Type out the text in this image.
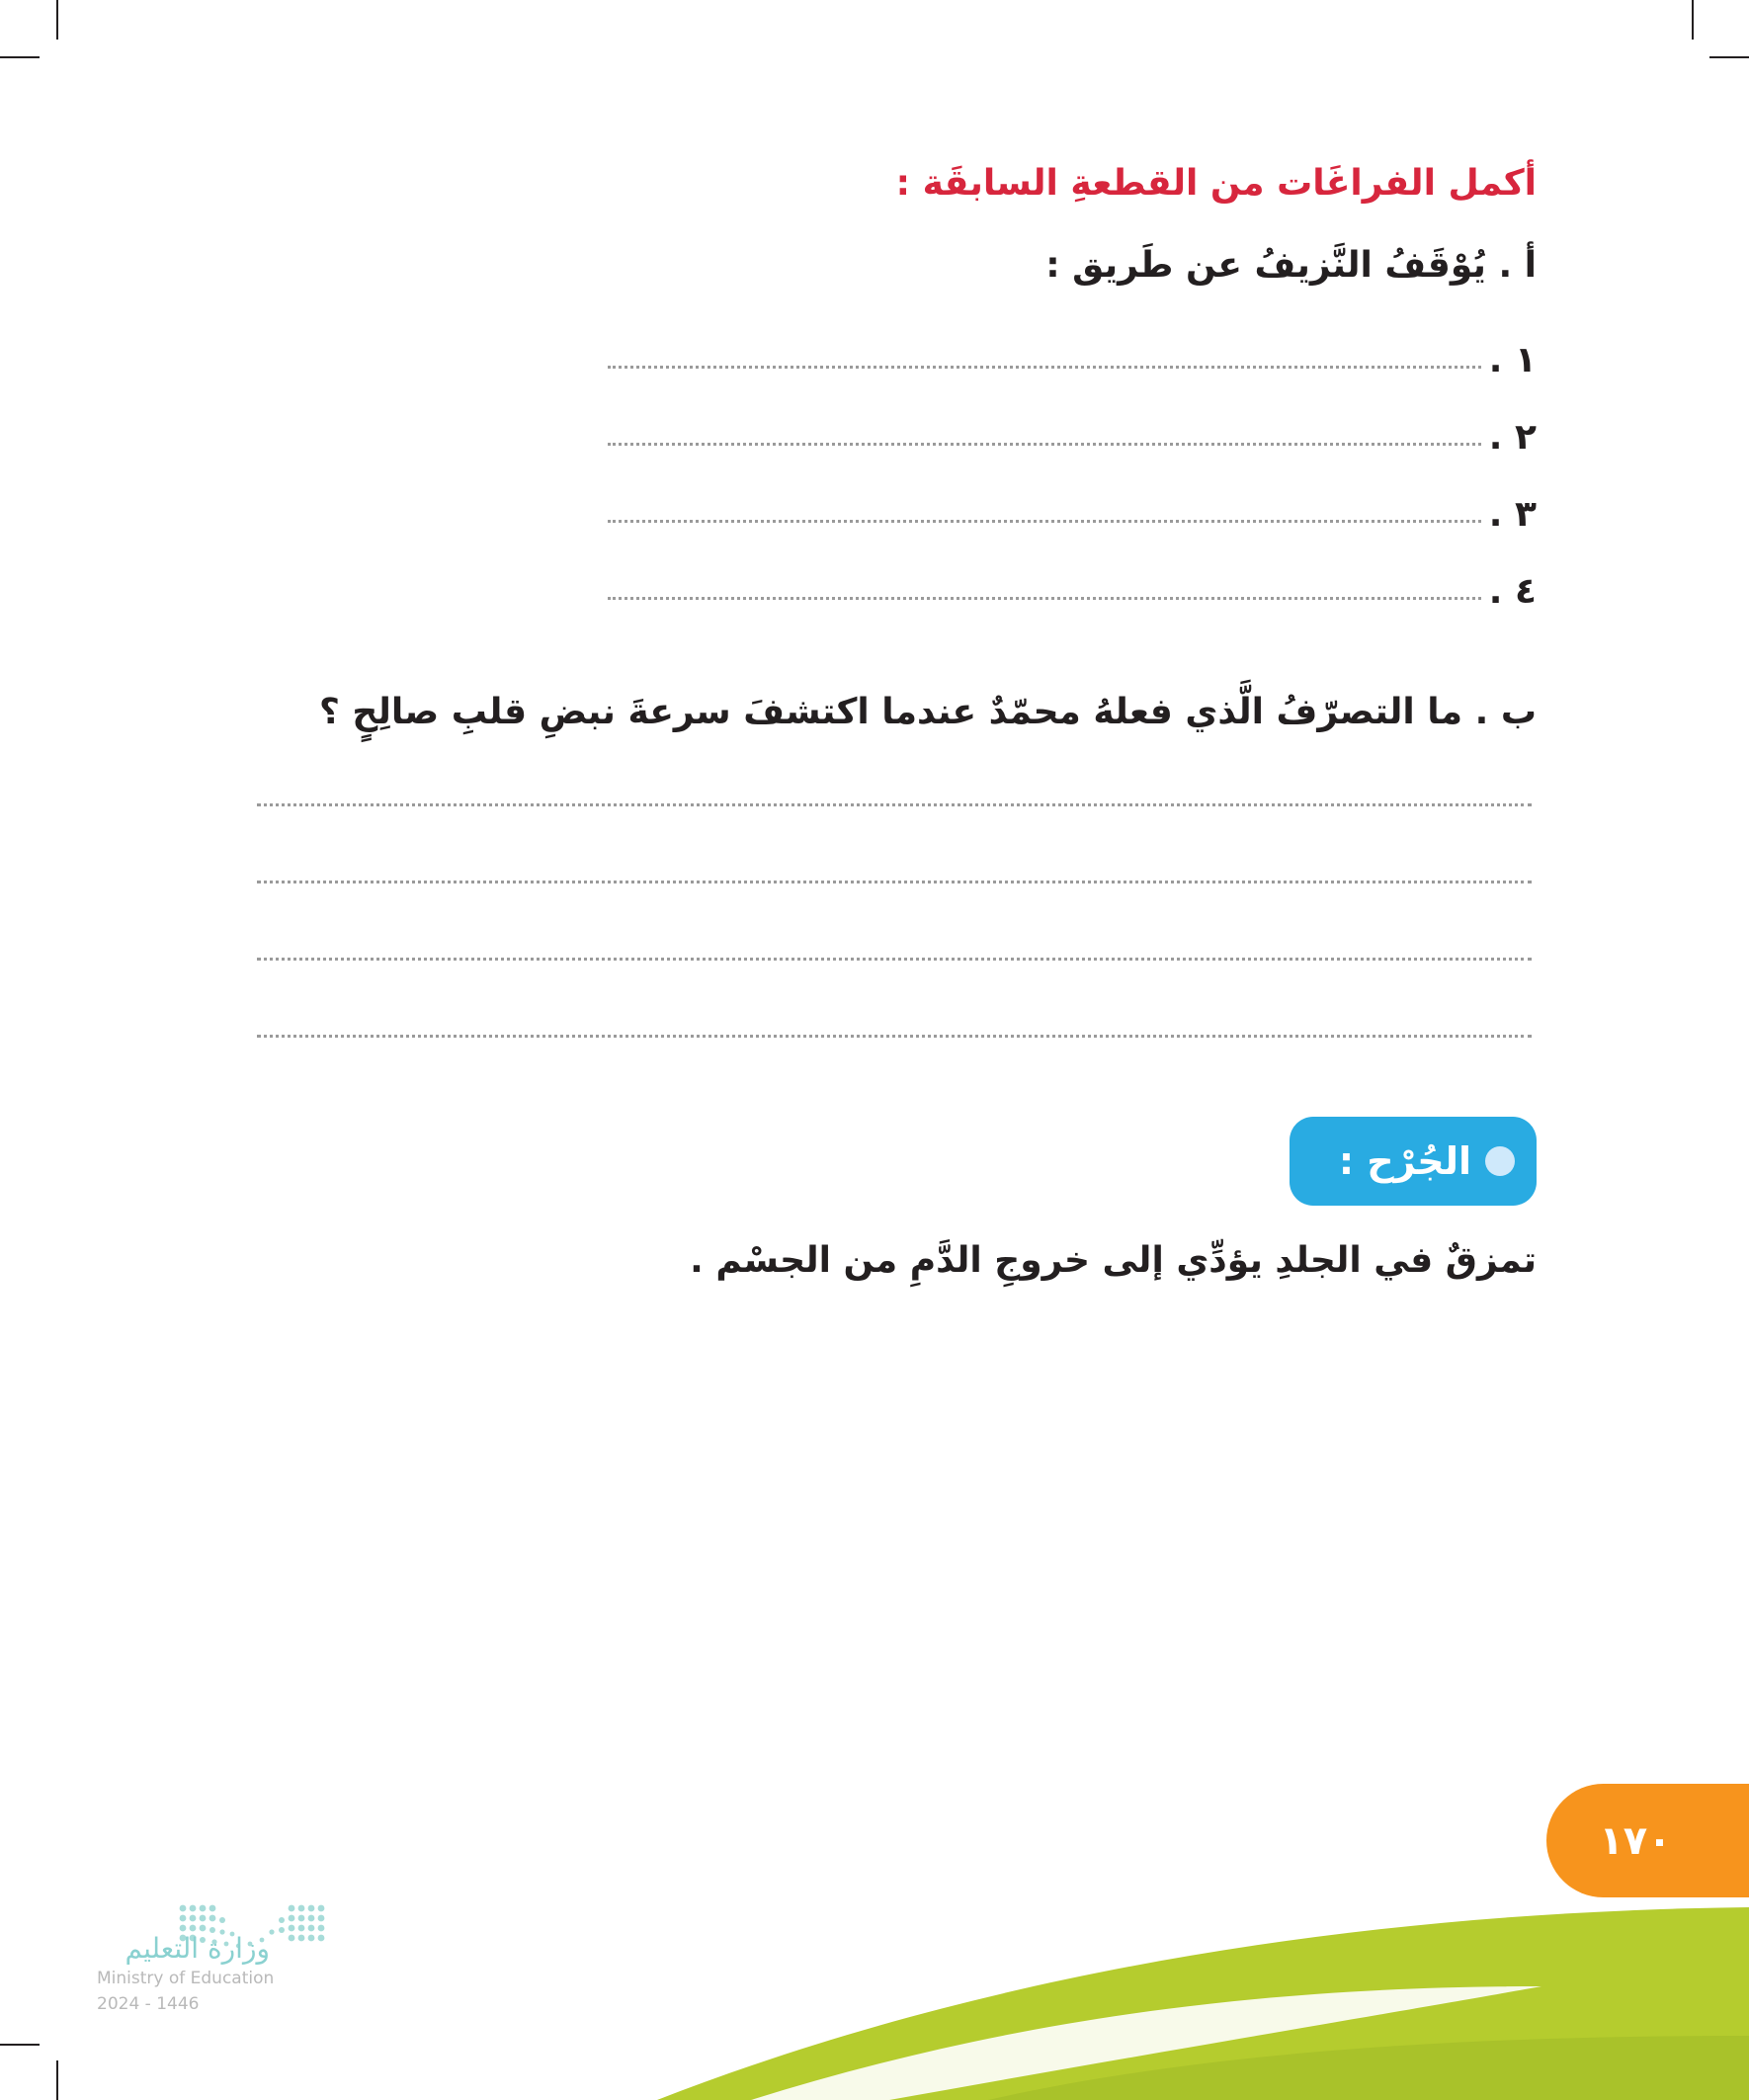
أكمل الفراغَات من القطعةِ السابقَة :
أ . يُوْقَفُ النَّزيفُ عن طَريق :
١ .
٢ .
٣ .
٤ .
ب . ما التصرّفُ الَّذي فعلهُ محمّدٌ عندما اكتشفَ سرعةَ نبضِ قلبِ صالِحٍ ؟
الجُرْح :
تمزقٌ في الجلدِ يؤدِّي إلى خروجِ الدَّمِ من الجسْم .
١٧٠
وزارة التعليم
Ministry of Education
2024 - 1446
